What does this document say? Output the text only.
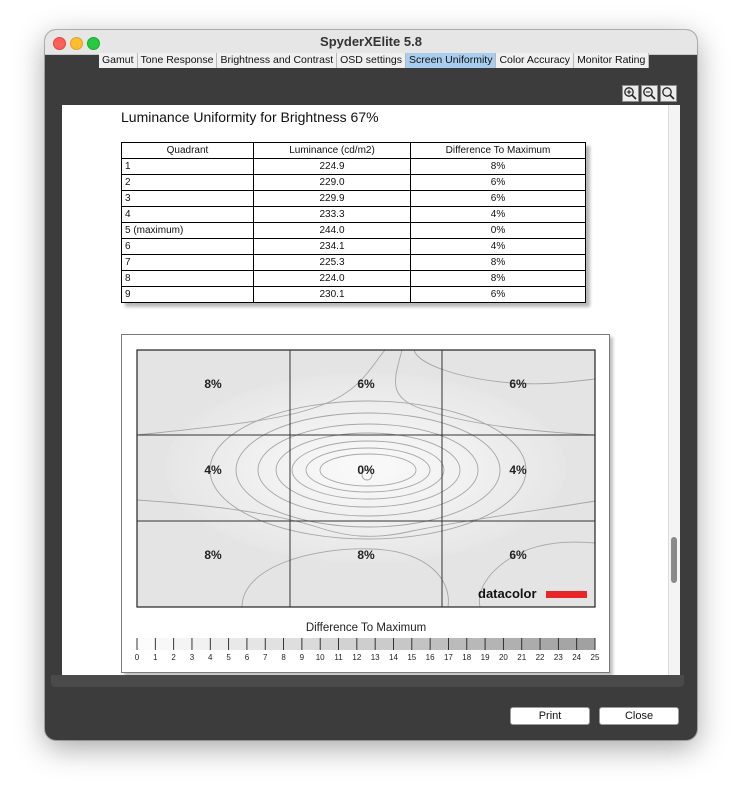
SpyderXElite 5.8
Gamut Tone Response Brightness and Contrast OSD settings Screen Uniformity Color Accuracy Monitor Rating
Luminance Uniformity for Brightness 67%
Quadrant	Luminance (cd/m2)	Difference To Maximum
1	224.9	8%
2	229.0	6%
3	229.9	6%
4	233.3	4%
5 (maximum)	244.0	0%
6	234.1	4%
7	225.3	8%
8	224.0	8%
9	230.1	6%
8%	6%	6%
4%	0%	4%
8%	8%	6%
datacolor
Difference To Maximum
0 1 2 3 4 5 6 7 8 9 10 11 12 13 14 15 16 17 18 19 20 21 22 23 24 25
Print	Close
